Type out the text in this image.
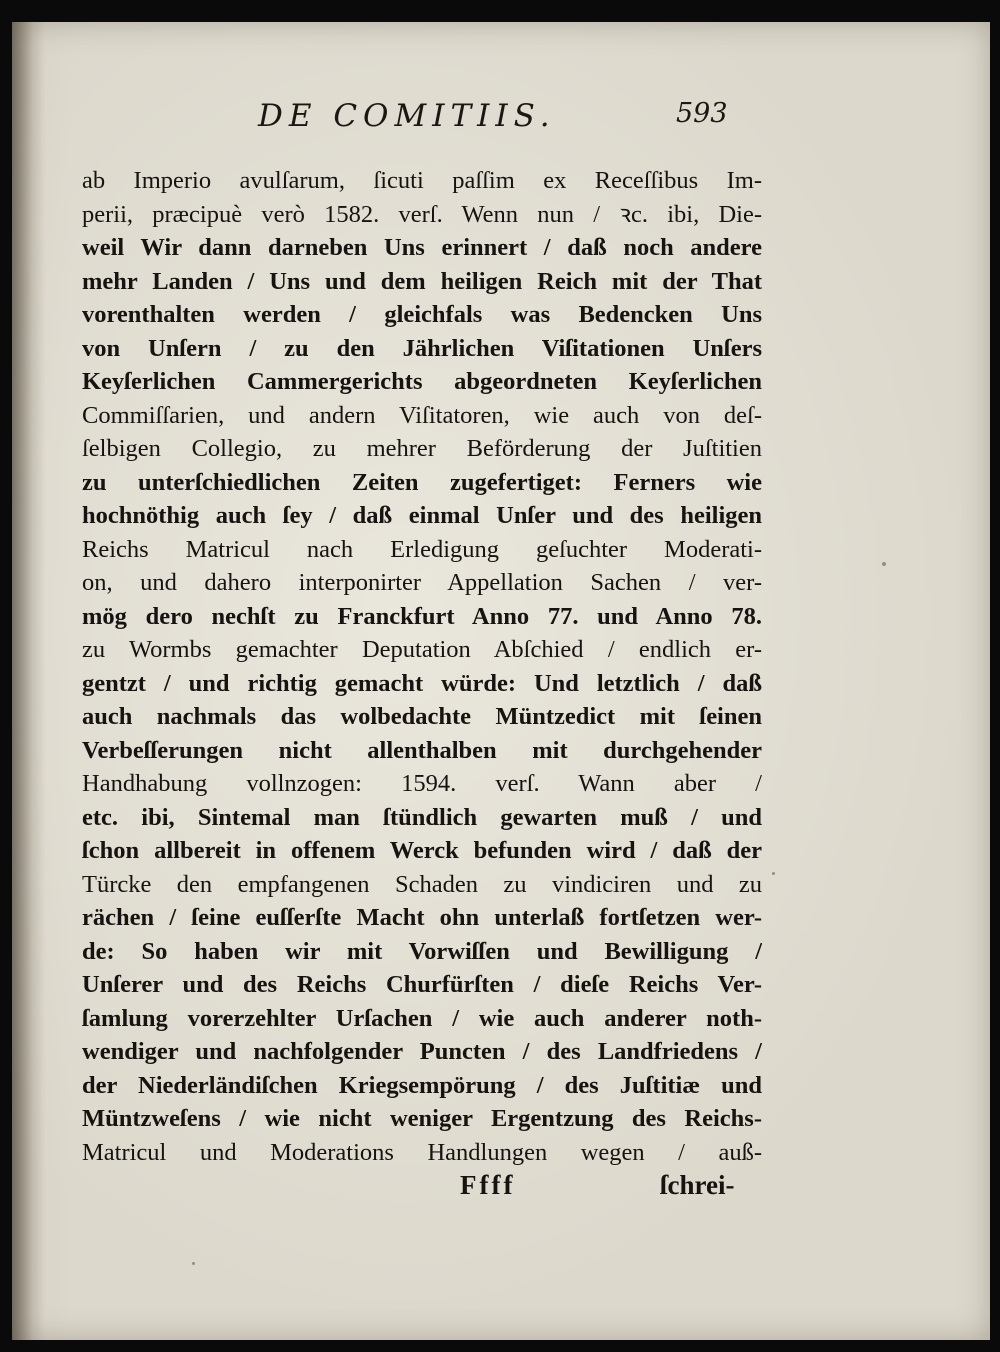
DE COMITIIS.	593
ab Imperio avulſarum, ſicuti paſſim ex Receſſibus Im-
perii, præcipuè verò 1582. verſ. Wenn nun / ꝛc. ibi, Die-
weil Wir dann darneben Uns erinnert / daß noch andere
mehr Landen / Uns und dem heiligen Reich mit der That
vorenthalten werden / gleichfals was Bedencken Uns
von Unſern / zu den Jährlichen Viſitationen Unſers
Keyſerlichen Cammergerichts abgeordneten Keyſerlichen
Commiſſarien, und andern Viſitatoren, wie auch von deſ-
ſelbigen Collegio, zu mehrer Beförderung der Juſtitien
zu unterſchiedlichen Zeiten zugefertiget: Ferners wie
hochnöthig auch ſey / daß einmal Unſer und des heiligen
Reichs Matricul nach Erledigung geſuchter Moderati-
on, und dahero interponirter Appellation Sachen / ver-
mög dero nechſt zu Franckfurt Anno 77. und Anno 78.
zu Wormbs gemachter Deputation Abſchied / endlich er-
gentzt / und richtig gemacht würde: Und letztlich / daß
auch nachmals das wolbedachte Müntzedict mit ſeinen
Verbeſſerungen nicht allenthalben mit durchgehender
Handhabung vollnzogen: 1594. verſ. Wann aber /
etc. ibi, Sintemal man ſtündlich gewarten muß / und
ſchon allbereit in offenem Werck befunden wird / daß der
Türcke den empfangenen Schaden zu vindiciren und zu
rächen / ſeine euſſerſte Macht ohn unterlaß fortſetzen wer-
de: So haben wir mit Vorwiſſen und Bewilligung /
Unſerer und des Reichs Churfürſten / dieſe Reichs Ver-
ſamlung vorerzehlter Urſachen / wie auch anderer noth-
wendiger und nachfolgender Puncten / des Landfriedens /
der Niederländiſchen Kriegsempörung / des Juſtitiæ und
Müntzweſens / wie nicht weniger Ergentzung des Reichs-
Matricul und Moderations Handlungen wegen / auß-
Ffff	ſchrei-
